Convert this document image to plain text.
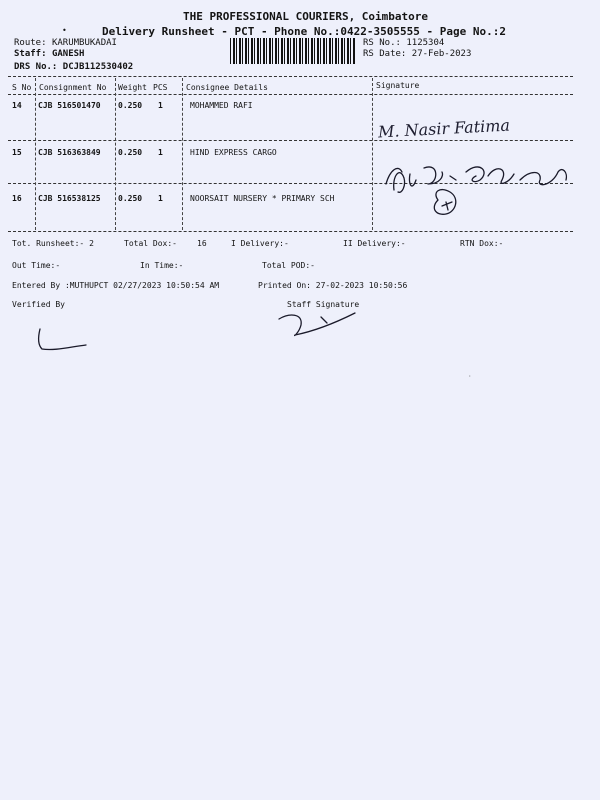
THE PROFESSIONAL COURIERS, Coimbatore
Delivery Runsheet - PCT - Phone No.:0422-3505555 - Page No.:2
Route: KARUMBUKADAI
Staff: GANESH
DRS No.: DCJB112530402
RS No.: 1125304
RS Date: 27-Feb-2023
S No Consignment No Weight PCS Consignee Details	Signature
14 CJB 516501470 0.250 1	MOHAMMED RAFI
15 CJB 516363849 0.250 1	HIND EXPRESS CARGO
16 CJB 516538125 0.250 1	NOORSAIT NURSERY * PRIMARY SCH
M. Nasir Fatima
Tot. Runsheet:- 2	Total Dox:-	16	I Delivery:-	II Delivery:-	RTN Dox:-
Out Time:-	In Time:-	Total POD:-
Entered By :MUTHUPCT 02/27/2023 10:50:54 AM	Printed On: 27-02-2023 10:50:56
Verified By	Staff Signature
•
·
